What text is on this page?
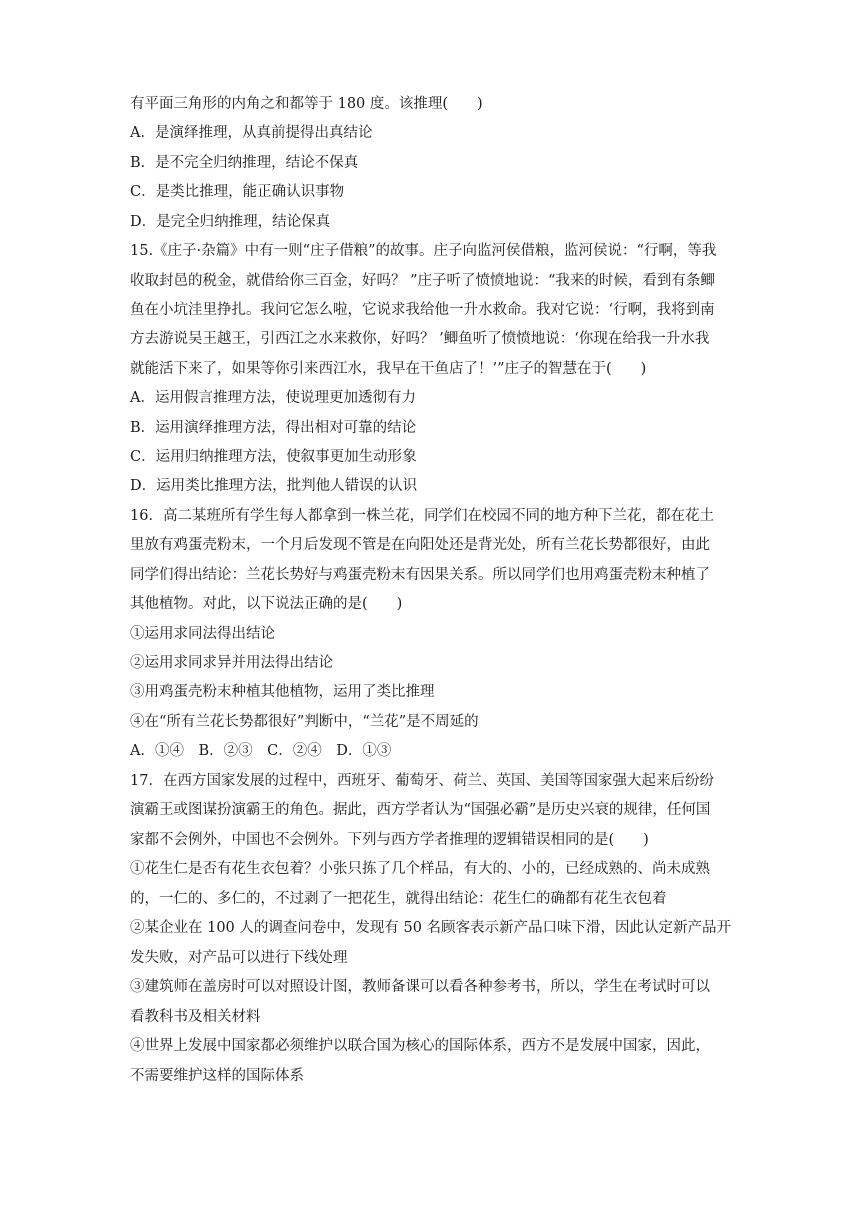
有平面三角形的内角之和都等于 180 度。该推理(　　)
A．是演绎推理，从真前提得出真结论
B．是不完全归纳推理，结论不保真
C．是类比推理，能正确认识事物
D．是完全归纳推理，结论保真
15.《庄子·杂篇》中有一则“庄子借粮”的故事。庄子向监河侯借粮，监河侯说：“行啊，等我
收取封邑的税金，就借给你三百金，好吗？ ”庄子听了愤愤地说：“我来的时候，看到有条鲫
鱼在小坑洼里挣扎。我问它怎么啦，它说求我给他一升水救命。我对它说：‘行啊，我将到南
方去游说吴王越王，引西江之水来救你，好吗？ ’鲫鱼听了愤愤地说：‘你现在给我一升水我
就能活下来了，如果等你引来西江水，我早在干鱼店了！’”庄子的智慧在于(　　)
A．运用假言推理方法，使说理更加透彻有力
B．运用演绎推理方法，得出相对可靠的结论
C．运用归纳推理方法，使叙事更加生动形象
D．运用类比推理方法，批判他人错误的认识
16．高二某班所有学生每人都拿到一株兰花，同学们在校园不同的地方种下兰花，都在花土
里放有鸡蛋壳粉末，一个月后发现不管是在向阳处还是背光处，所有兰花长势都很好，由此
同学们得出结论：兰花长势好与鸡蛋壳粉末有因果关系。所以同学们也用鸡蛋壳粉末种植了
其他植物。对此，以下说法正确的是(　　)
①运用求同法得出结论
②运用求同求异并用法得出结论
③用鸡蛋壳粉末种植其他植物，运用了类比推理
④在“所有兰花长势都很好”判断中，“兰花”是不周延的
A．①④　B．②③　C．②④　D．①③
17．在西方国家发展的过程中，西班牙、葡萄牙、荷兰、英国、美国等国家强大起来后纷纷
演霸王或图谋扮演霸王的角色。据此，西方学者认为“国强必霸”是历史兴衰的规律，任何国
家都不会例外，中国也不会例外。下列与西方学者推理的逻辑错误相同的是(　　)
①花生仁是否有花生衣包着？小张只拣了几个样品，有大的、小的，已经成熟的、尚未成熟
的，一仁的、多仁的，不过剥了一把花生，就得出结论：花生仁的确都有花生衣包着
②某企业在 100 人的调查问卷中，发现有 50 名顾客表示新产品口味下滑，因此认定新产品开
发失败，对产品可以进行下线处理
③建筑师在盖房时可以对照设计图，教师备课可以看各种参考书，所以，学生在考试时可以
看教科书及相关材料
④世界上发展中国家都必须维护以联合国为核心的国际体系，西方不是发展中国家，因此，
不需要维护这样的国际体系
